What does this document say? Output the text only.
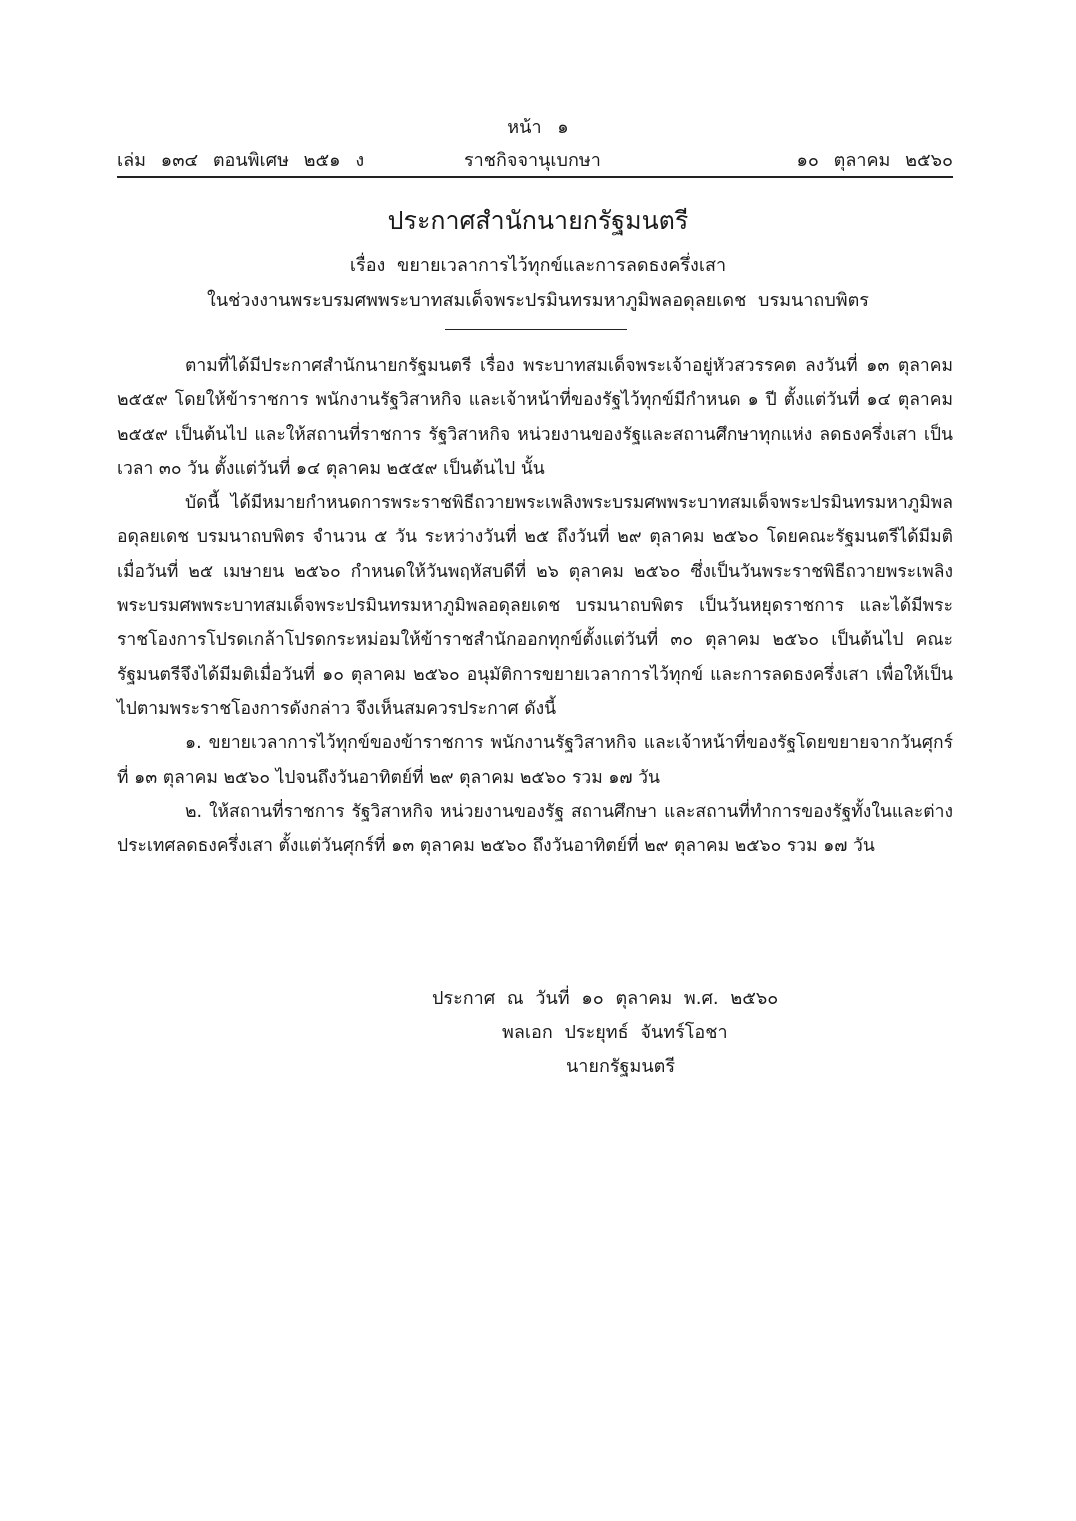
หน้า ๑
เล่ม ๑๓๔ ตอนพิเศษ ๒๕๑ ง	ราชกิจจานุเบกษา	๑๐ ตุลาคม ๒๕๖๐
ประกาศสำนักนายกรัฐมนตรี
เรื่อง ขยายเวลาการไว้ทุกข์และการลดธงครึ่งเสา
ในช่วงงานพระบรมศพพระบาทสมเด็จพระปรมินทรมหาภูมิพลอดุลยเดช บรมนาถบพิตร

ตามที่ได้มีประกาศสำนักนายกรัฐมนตรี เรื่อง พระบาทสมเด็จพระเจ้าอยู่หัวสวรรคต ลงวันที่ ๑๓ ตุลาคม ๒๕๕๙ โดยให้ข้าราชการ พนักงานรัฐวิสาหกิจ และเจ้าหน้าที่ของรัฐไว้ทุกข์มีกำหนด ๑ ปี ตั้งแต่วันที่ ๑๔ ตุลาคม ๒๕๕๙ เป็นต้นไป และให้สถานที่ราชการ รัฐวิสาหกิจ หน่วยงานของรัฐและสถานศึกษาทุกแห่ง ลดธงครึ่งเสา เป็นเวลา ๓๐ วัน ตั้งแต่วันที่ ๑๔ ตุลาคม ๒๕๕๙ เป็นต้นไป นั้น

บัดนี้ ได้มีหมายกำหนดการพระราชพิธีถวายพระเพลิงพระบรมศพพระบาทสมเด็จพระปรมินทรมหาภูมิพลอดุลยเดช บรมนาถบพิตร จำนวน ๕ วัน ระหว่างวันที่ ๒๕ ถึงวันที่ ๒๙ ตุลาคม ๒๕๖๐ โดยคณะรัฐมนตรีได้มีมติเมื่อวันที่ ๒๕ เมษายน ๒๕๖๐ กำหนดให้วันพฤหัสบดีที่ ๒๖ ตุลาคม ๒๕๖๐ ซึ่งเป็นวันพระราชพิธีถวายพระเพลิงพระบรมศพพระบาทสมเด็จพระปรมินทรมหาภูมิพลอดุลยเดช บรมนาถบพิตร เป็นวันหยุดราชการ และได้มีพระราชโองการโปรดเกล้าโปรดกระหม่อมให้ข้าราชสำนักออกทุกข์ตั้งแต่วันที่ ๓๐ ตุลาคม ๒๕๖๐ เป็นต้นไป คณะรัฐมนตรีจึงได้มีมติเมื่อวันที่ ๑๐ ตุลาคม ๒๕๖๐ อนุมัติการขยายเวลาการไว้ทุกข์ และการลดธงครึ่งเสา เพื่อให้เป็นไปตามพระราชโองการดังกล่าว จึงเห็นสมควรประกาศ ดังนี้

๑. ขยายเวลาการไว้ทุกข์ของข้าราชการ พนักงานรัฐวิสาหกิจ และเจ้าหน้าที่ของรัฐโดยขยายจากวันศุกร์ที่ ๑๓ ตุลาคม ๒๕๖๐ ไปจนถึงวันอาทิตย์ที่ ๒๙ ตุลาคม ๒๕๖๐ รวม ๑๗ วัน

๒. ให้สถานที่ราชการ รัฐวิสาหกิจ หน่วยงานของรัฐ สถานศึกษา และสถานที่ทำการของรัฐทั้งในและต่างประเทศลดธงครึ่งเสา ตั้งแต่วันศุกร์ที่ ๑๓ ตุลาคม ๒๕๖๐ ถึงวันอาทิตย์ที่ ๒๙ ตุลาคม ๒๕๖๐ รวม ๑๗ วัน

ประกาศ ณ วันที่ ๑๐ ตุลาคม พ.ศ. ๒๕๖๐
พลเอก ประยุทธ์ จันทร์โอชา
นายกรัฐมนตรี
